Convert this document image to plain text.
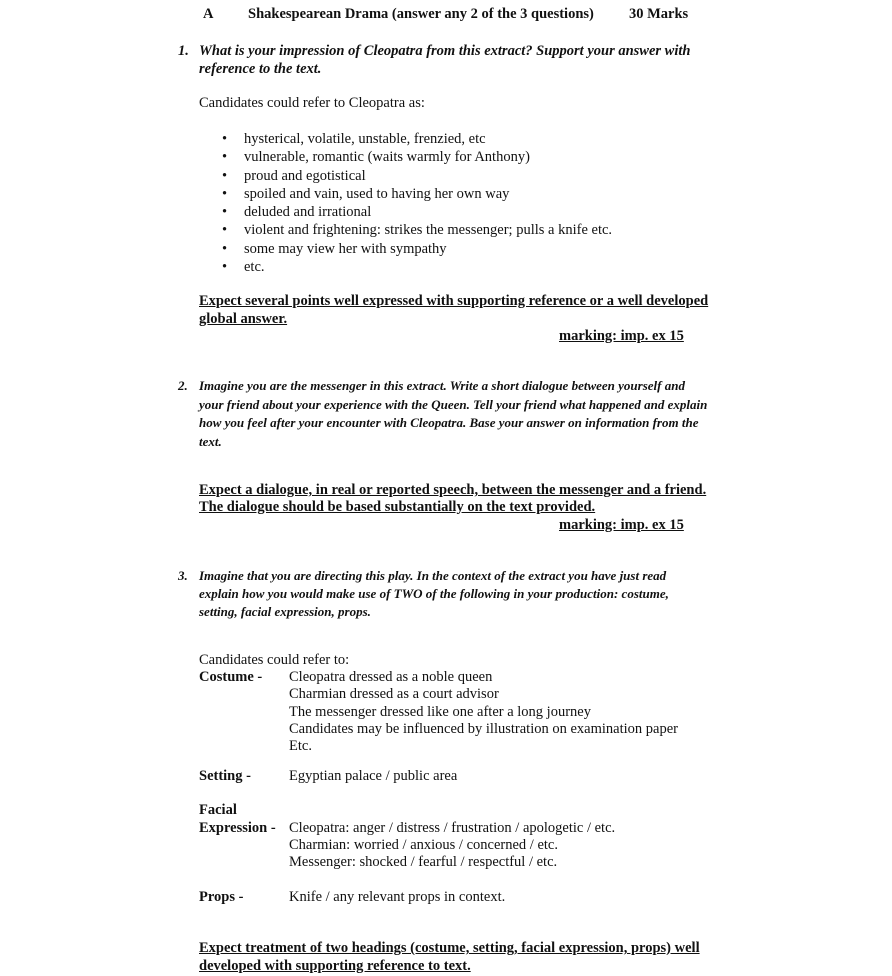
A Shakespearean Drama (answer any 2 of the 3 questions) 30 Marks
1. What is your impression of Cleopatra from this extract? Support your answer with
reference to the text.
Candidates could refer to Cleopatra as:
• hysterical, volatile, unstable, frenzied, etc
• vulnerable, romantic (waits warmly for Anthony)
• proud and egotistical
• spoiled and vain, used to having her own way
• deluded and irrational
• violent and frightening: strikes the messenger; pulls a knife etc.
• some may view her with sympathy
• etc.
Expect several points well expressed with supporting reference or a well developed
global answer.
marking: imp. ex 15
2. Imagine you are the messenger in this extract. Write a short dialogue between yourself and
your friend about your experience with the Queen. Tell your friend what happened and explain
how you feel after your encounter with Cleopatra. Base your answer on information from the
text.
Expect a dialogue, in real or reported speech, between the messenger and a friend.
The dialogue should be based substantially on the text provided.
marking: imp. ex 15
3. Imagine that you are directing this play. In the context of the extract you have just read
explain how you would make use of TWO of the following in your production: costume,
setting, facial expression, props.
Candidates could refer to:
Costume - Cleopatra dressed as a noble queen
Charmian dressed as a court advisor
The messenger dressed like one after a long journey
Candidates may be influenced by illustration on examination paper
Etc.
Setting -	Egyptian palace / public area
Facial
Expression - Cleopatra: anger / distress / frustration / apologetic / etc.
Charmian: worried / anxious / concerned / etc.
Messenger: shocked / fearful / respectful / etc.
Props -	Knife / any relevant props in context.
Expect treatment of two headings (costume, setting, facial expression, props) well
developed with supporting reference to text.
